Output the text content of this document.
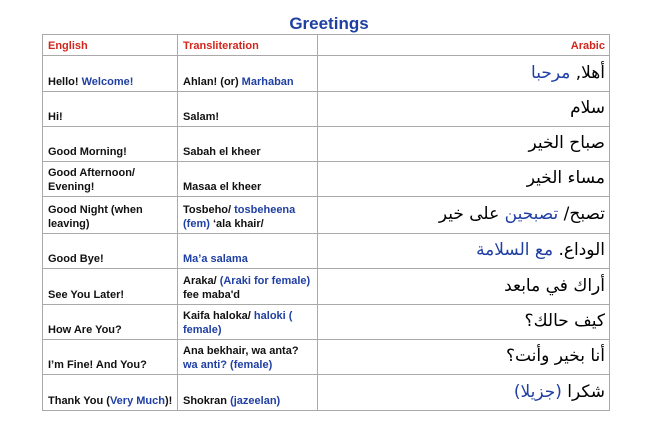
Greetings
English	Transliteration	Arabic
Hello! Welcome!	Ahlan! (or) Marhaban	أهلا, مرحبا
Hi!	Salam!	سلام
Good Morning!	Sabah el kheer	صباح الخير
Good Afternoon/ Evening!	Masaa el kheer	مساء الخير
Good Night (when leaving)	Tosbeho/ tosbeheena (fem) ‘ala khair/	تصبح/ تصبحين على خير
Good Bye!	Ma’a salama	الوداع. مع السلامة
See You Later!	Araka/ (Araki for female) fee maba'd	أراك في مابعد
How Are You?	Kaifa haloka/ haloki ( female)	كيف حالك؟
I’m Fine! And You?	Ana bekhair, wa anta? wa anti? (female)	أنا بخير وأنت؟
Thank You (Very Much)!	Shokran (jazeelan)	شكرا (جزيلا)
